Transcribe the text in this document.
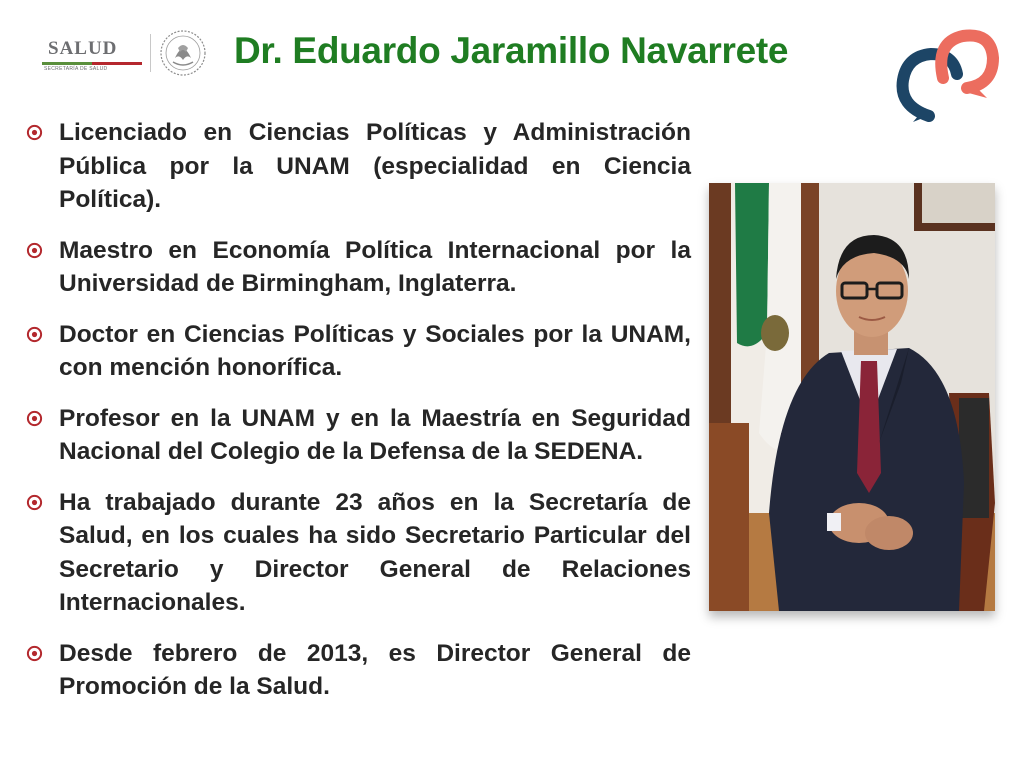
SALUD
SECRETARÍA DE SALUD	Dr. Eduardo Jaramillo Navarrete
Licenciado en Ciencias Políticas y Administración Pública por la UNAM (especialidad en Ciencia Política).
Maestro en Economía Política Internacional por la Universidad de Birmingham, Inglaterra.
Doctor en Ciencias Políticas y Sociales por la UNAM, con mención honorífica.
Profesor en la UNAM y en la Maestría en Seguridad Nacional del Colegio de la Defensa de la SEDENA.
Ha trabajado durante 23 años en la Secretaría de Salud, en los cuales ha sido Secretario Particular del Secretario y Director General de Relaciones Internacionales.
Desde febrero de 2013, es Director General de Promoción de la Salud.
